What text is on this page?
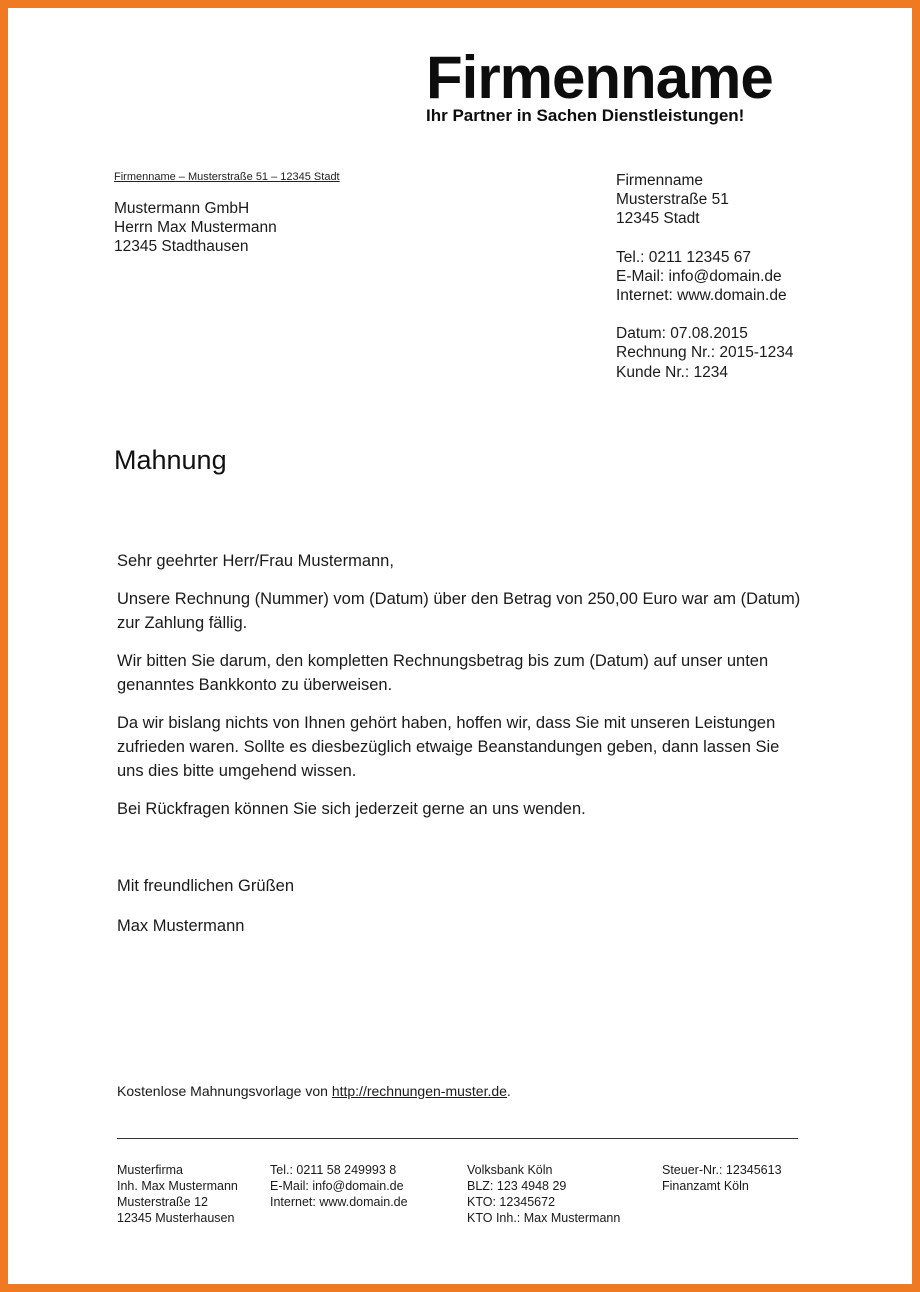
Firmenname
Ihr Partner in Sachen Dienstleistungen!
Firmenname – Musterstraße 51 – 12345 Stadt
Mustermann GmbH
Herrn Max Mustermann
12345 Stadthausen
Firmenname
Musterstraße 51
12345 Stadt
Tel.: 0211 12345 67
E-Mail: info@domain.de
Internet: www.domain.de
Datum: 07.08.2015
Rechnung Nr.: 2015-1234
Kunde Nr.: 1234
Mahnung

Sehr geehrter Herr/Frau Mustermann,

Unsere Rechnung (Nummer) vom (Datum) über den Betrag von 250,00 Euro war am (Datum) zur Zahlung fällig.

Wir bitten Sie darum, den kompletten Rechnungsbetrag bis zum (Datum) auf unser unten genanntes Bankkonto zu überweisen.

Da wir bislang nichts von Ihnen gehört haben, hoffen wir, dass Sie mit unseren Leistungen zufrieden waren. Sollte es diesbezüglich etwaige Beanstandungen geben, dann lassen Sie uns dies bitte umgehend wissen.

Bei Rückfragen können Sie sich jederzeit gerne an uns wenden.

Mit freundlichen Grüßen

Max Mustermann

Kostenlose Mahnungsvorlage von http://rechnungen-muster.de.
Musterfirma
Inh. Max Mustermann
Musterstraße 12
12345 Musterhausen
Tel.: 0211 58 249993 8
E-Mail: info@domain.de
Internet: www.domain.de
Volksbank Köln
BLZ: 123 4948 29
KTO: 12345672
KTO Inh.: Max Mustermann
Steuer-Nr.: 12345613
Finanzamt Köln
